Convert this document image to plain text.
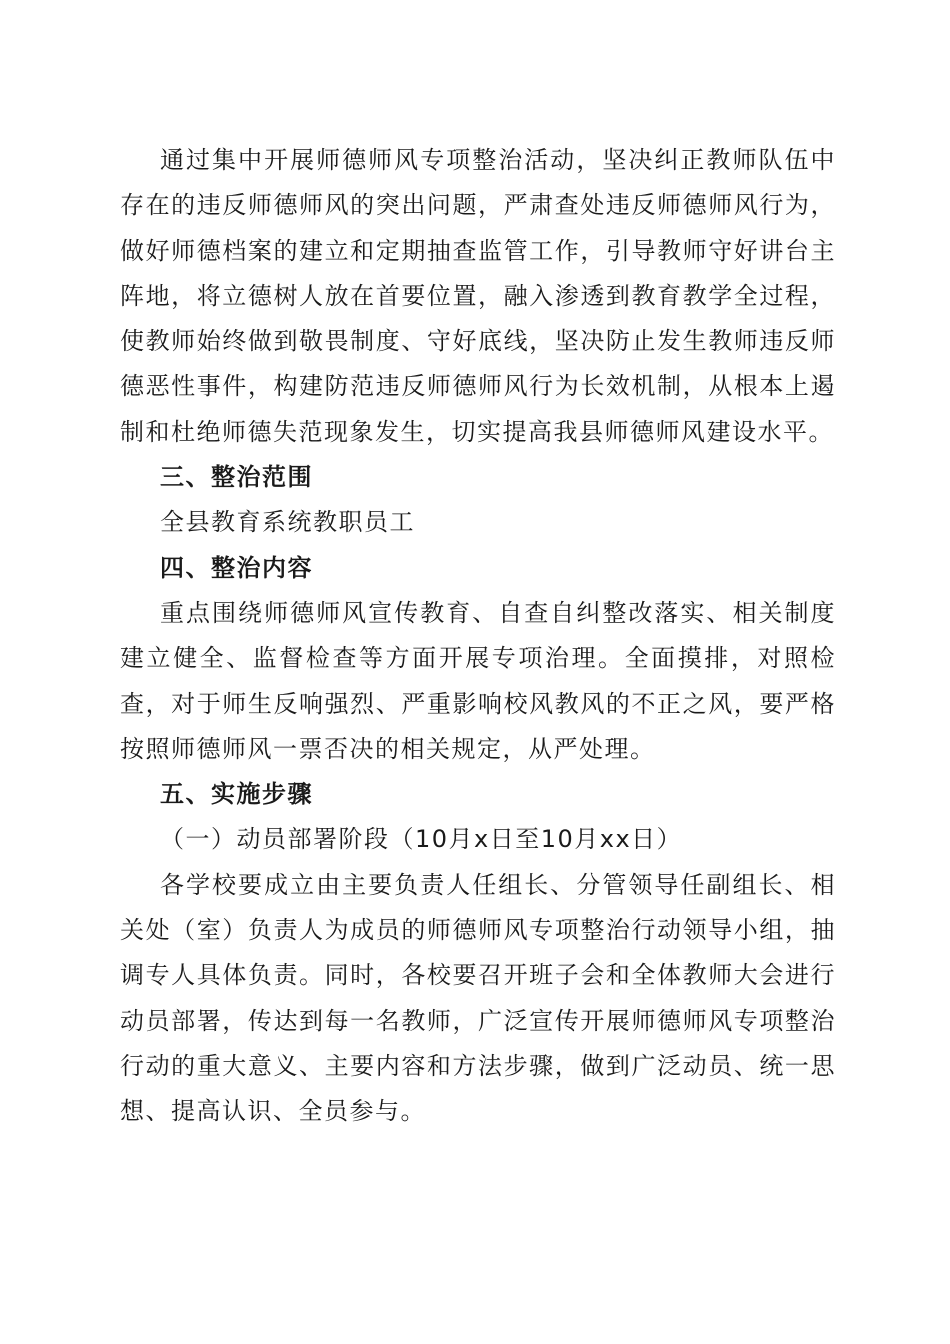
通过集中开展师德师风专项整治活动，坚决纠正教师队伍中存在的违反师德师风的突出问题，严肃查处违反师德师风行为，做好师德档案的建立和定期抽查监管工作，引导教师守好讲台主阵地，将立德树人放在首要位置，融入渗透到教育教学全过程，使教师始终做到敬畏制度、守好底线，坚决防止发生教师违反师德恶性事件，构建防范违反师德师风行为长效机制，从根本上遏制和杜绝师德失范现象发生，切实提高我县师德师风建设水平。

三、整治范围

全县教育系统教职员工

四、整治内容

重点围绕师德师风宣传教育、自查自纠整改落实、相关制度建立健全、监督检查等方面开展专项治理。全面摸排，对照检查，对于师生反响强烈、严重影响校风教风的不正之风，要严格按照师德师风一票否决的相关规定，从严处理。

五、实施步骤

（一）动员部署阶段（10月x日至10月xx日）

各学校要成立由主要负责人任组长、分管领导任副组长、相关处（室）负责人为成员的师德师风专项整治行动领导小组，抽调专人具体负责。同时，各校要召开班子会和全体教师大会进行动员部署，传达到每一名教师，广泛宣传开展师德师风专项整治行动的重大意义、主要内容和方法步骤，做到广泛动员、统一思想、提高认识、全员参与。
